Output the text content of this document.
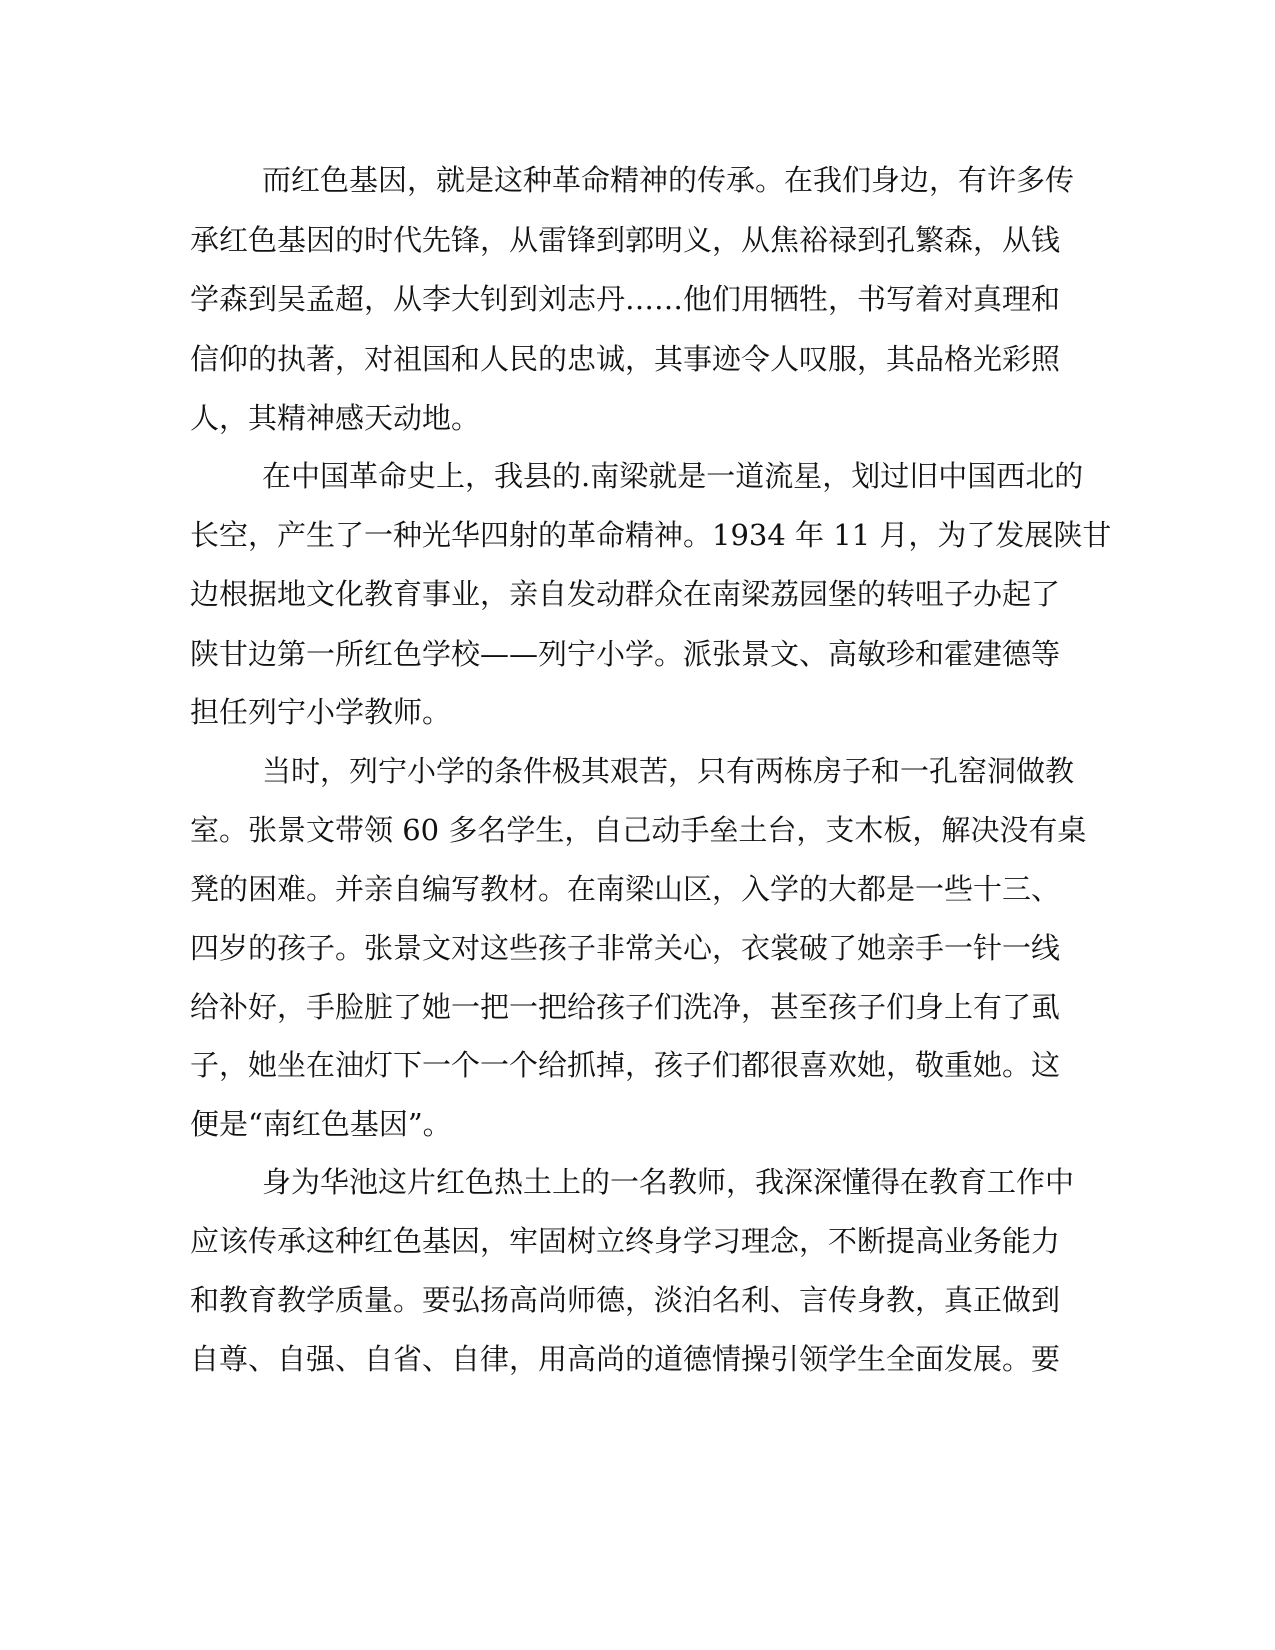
而红色基因，就是这种革命精神的传承。在我们身边，有许多传
承红色基因的时代先锋，从雷锋到郭明义，从焦裕禄到孔繁森，从钱
学森到吴孟超，从李大钊到刘志丹……他们用牺牲，书写着对真理和
信仰的执著，对祖国和人民的忠诚，其事迹令人叹服，其品格光彩照
人，其精神感天动地。
在中国革命史上，我县的.南梁就是一道流星，划过旧中国西北的
长空，产生了一种光华四射的革命精神。1934 年 11 月，为了发展陕甘
边根据地文化教育事业，亲自发动群众在南梁荔园堡的转咀子办起了
陕甘边第一所红色学校——列宁小学。派张景文、高敏珍和霍建德等
担任列宁小学教师。
当时，列宁小学的条件极其艰苦，只有两栋房子和一孔窑洞做教
室。张景文带领 60 多名学生，自己动手垒土台，支木板，解决没有桌
凳的困难。并亲自编写教材。在南梁山区，入学的大都是一些十三、
四岁的孩子。张景文对这些孩子非常关心，衣裳破了她亲手一针一线
给补好，手脸脏了她一把一把给孩子们洗净，甚至孩子们身上有了虱
子，她坐在油灯下一个一个给抓掉，孩子们都很喜欢她，敬重她。这
便是“南红色基因”。
身为华池这片红色热土上的一名教师，我深深懂得在教育工作中
应该传承这种红色基因，牢固树立终身学习理念，不断提高业务能力
和教育教学质量。要弘扬高尚师德，淡泊名利、言传身教，真正做到
自尊、自强、自省、自律，用高尚的道德情操引领学生全面发展。要
